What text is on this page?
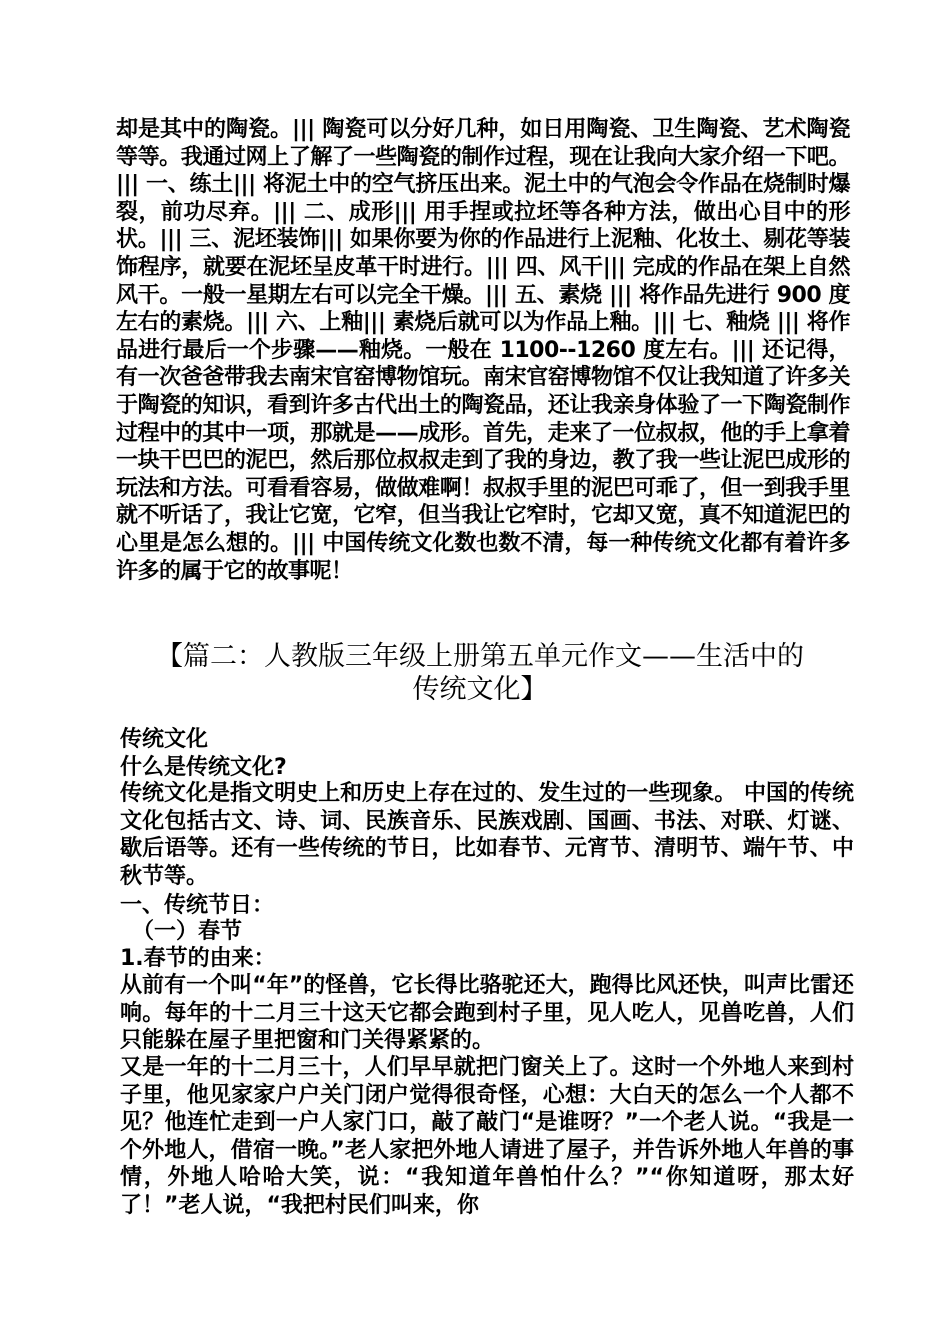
却是其中的陶瓷。||| 陶瓷可以分好几种，如日用陶瓷、卫生陶瓷、艺术陶瓷等等。我通过网上了解了一些陶瓷的制作过程，现在让我向大家介绍一下吧。||| 一、练土||| 将泥土中的空气挤压出来。泥土中的气泡会令作品在烧制时爆裂，前功尽弃。||| 二、成形||| 用手捏或拉坯等各种方法，做出心目中的形状。||| 三、泥坯装饰||| 如果你要为你的作品进行上泥釉、化妆土、剔花等装饰程序，就要在泥坯呈皮革干时进行。||| 四、风干||| 完成的作品在架上自然风干。一般一星期左右可以完全干燥。||| 五、素烧 ||| 将作品先进行 900 度左右的素烧。||| 六、上釉||| 素烧后就可以为作品上釉。||| 七、釉烧 ||| 将作品进行最后一个步骤——釉烧。一般在 1100--1260 度左右。||| 还记得，有一次爸爸带我去南宋官窑博物馆玩。南宋官窑博物馆不仅让我知道了许多关于陶瓷的知识，看到许多古代出土的陶瓷品，还让我亲身体验了一下陶瓷制作过程中的其中一项，那就是——成形。首先，走来了一位叔叔，他的手上拿着一块干巴巴的泥巴，然后那位叔叔走到了我的身边，教了我一些让泥巴成形的玩法和方法。可看看容易，做做难啊！叔叔手里的泥巴可乖了，但一到我手里就不听话了，我让它宽，它窄，但当我让它窄时，它却又宽，真不知道泥巴的心里是怎么想的。||| 中国传统文化数也数不清，每一种传统文化都有着许多许多的属于它的故事呢！

【篇二：人教版三年级上册第五单元作文——生活中的
传统文化】

传统文化

什么是传统文化?

传统文化是指文明史上和历史上存在过的、发生过的一些现象。 中国的传统文化包括古文、诗、词、民族音乐、民族戏剧、国画、书法、对联、灯谜、歇后语等。还有一些传统的节日，比如春节、元宵节、清明节、端午节、中秋节等。

一、传统节日：

（一）春节

1.春节的由来：

从前有一个叫“年”的怪兽，它长得比骆驼还大，跑得比风还快，叫声比雷还响。每年的十二月三十这天它都会跑到村子里，见人吃人，见兽吃兽，人们只能躲在屋子里把窗和门关得紧紧的。

又是一年的十二月三十，人们早早就把门窗关上了。这时一个外地人来到村子里，他见家家户户关门闭户觉得很奇怪，心想：大白天的怎么一个人都不见？他连忙走到一户人家门口，敲了敲门“是谁呀？”一个老人说。“我是一个外地人，借宿一晚。”老人家把外地人请进了屋子，并告诉外地人年兽的事情，外地人哈哈大笑，说：“我知道年兽怕什么？”“你知道呀，那太好了！”老人说，“我把村民们叫来，你
